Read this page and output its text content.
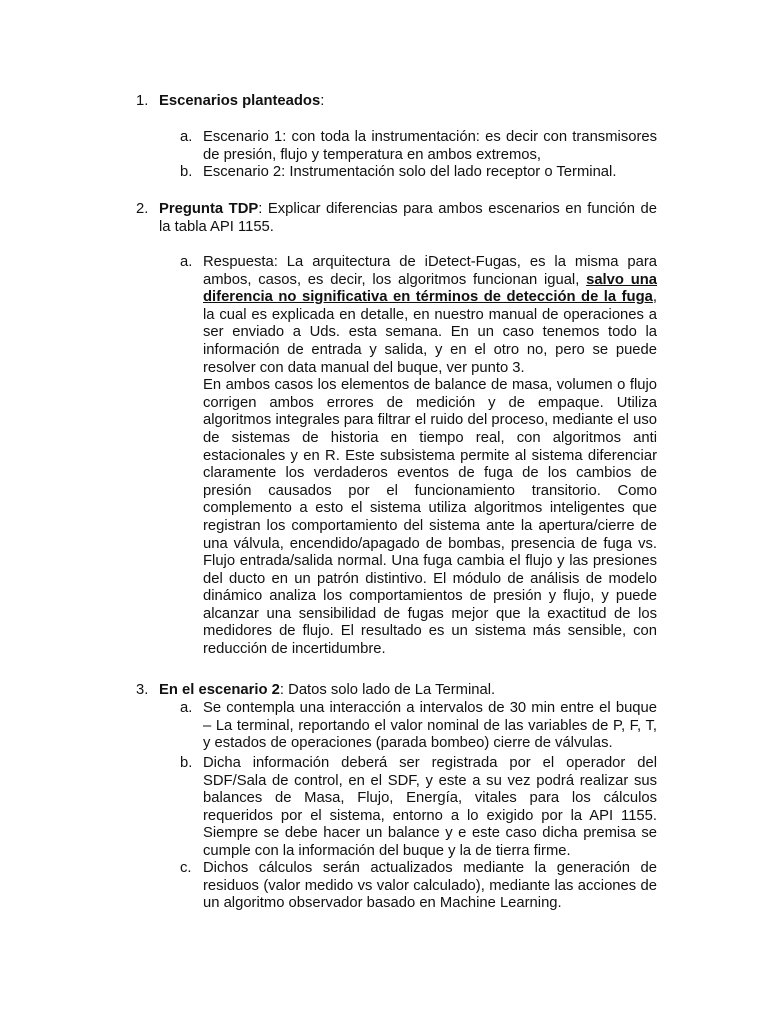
1. Escenarios planteados:

a. Escenario 1: con toda la instrumentación: es decir con transmisores de presión, flujo y temperatura en ambos extremos,

b. Escenario 2: Instrumentación solo del lado receptor o Terminal.

2. Pregunta TDP: Explicar diferencias para ambos escenarios en función de la tabla API 1155.

a. Respuesta: La arquitectura de iDetect-Fugas, es la misma para ambos, casos, es decir, los algoritmos funcionan igual, salvo una diferencia no significativa en términos de detección de la fuga, la cual es explicada en detalle, en nuestro manual de operaciones a ser enviado a Uds. esta semana. En un caso tenemos todo la información de entrada y salida, y en el otro no, pero se puede resolver con data manual del buque, ver punto 3.

En ambos casos los elementos de balance de masa, volumen o flujo corrigen ambos errores de medición y de empaque. Utiliza algoritmos integrales para filtrar el ruido del proceso, mediante el uso de sistemas de historia en tiempo real, con algoritmos anti estacionales y en R. Este subsistema permite al sistema diferenciar claramente los verdaderos eventos de fuga de los cambios de presión causados por el funcionamiento transitorio. Como complemento a esto el sistema utiliza algoritmos inteligentes que registran los comportamiento del sistema ante la apertura/cierre de una válvula, encendido/apagado de bombas, presencia de fuga vs. Flujo entrada/salida normal. Una fuga cambia el flujo y las presiones del ducto en un patrón distintivo. El módulo de análisis de modelo dinámico analiza los comportamientos de presión y flujo, y puede alcanzar una sensibilidad de fugas mejor que la exactitud de los medidores de flujo. El resultado es un sistema más sensible, con reducción de incertidumbre.

3. En el escenario 2: Datos solo lado de La Terminal.

a. Se contempla una interacción a intervalos de 30 min entre el buque – La terminal, reportando el valor nominal de las variables de P, F, T, y estados de operaciones (parada bombeo) cierre de válvulas.

b. Dicha información deberá ser registrada por el operador del SDF/Sala de control, en el SDF, y este a su vez podrá realizar sus balances de Masa, Flujo, Energía, vitales para los cálculos requeridos por el sistema, entorno a lo exigido por la API 1155. Siempre se debe hacer un balance y e este caso dicha premisa se cumple con la información del buque y la de tierra firme.

c. Dichos cálculos serán actualizados mediante la generación de residuos (valor medido vs valor calculado), mediante las acciones de un algoritmo observador basado en Machine Learning.
